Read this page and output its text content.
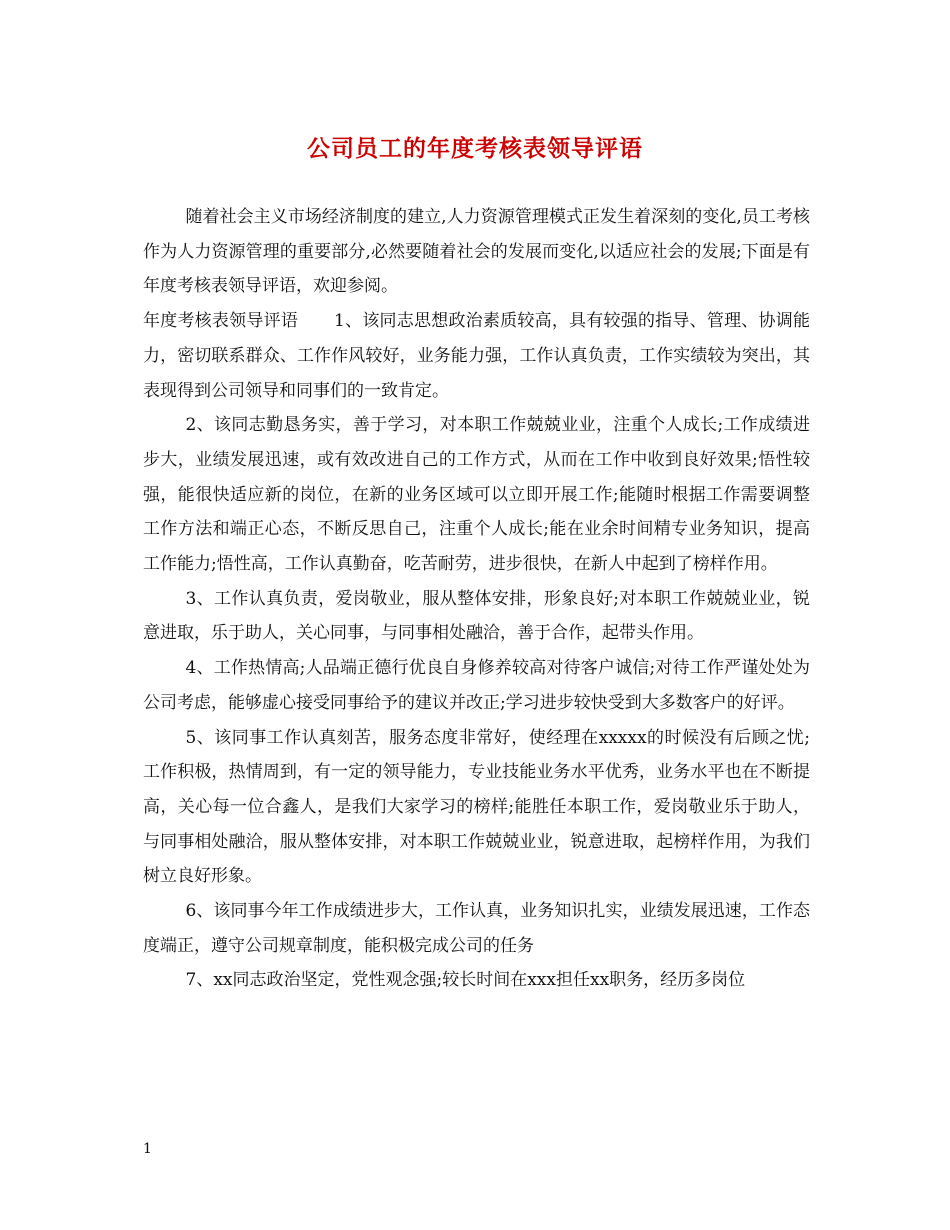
公司员工的年度考核表领导评语

随着社会主义市场经济制度的建立,人力资源管理模式正发生着深刻的变化,员工考核作为人力资源管理的重要部分,必然要随着社会的发展而变化,以适应社会的发展;下面是有年度考核表领导评语，欢迎参阅。

年度考核表领导评语 1、该同志思想政治素质较高，具有较强的指导、管理、协调能力，密切联系群众、工作作风较好，业务能力强，工作认真负责，工作实绩较为突出，其表现得到公司领导和同事们的一致肯定。

2、该同志勤恳务实，善于学习，对本职工作兢兢业业，注重个人成长;工作成绩进步大，业绩发展迅速，或有效改进自己的工作方式，从而在工作中收到良好效果;悟性较强，能很快适应新的岗位，在新的业务区域可以立即开展工作;能随时根据工作需要调整工作方法和端正心态，不断反思自己，注重个人成长;能在业余时间精专业务知识，提高工作能力;悟性高，工作认真勤奋，吃苦耐劳，进步很快，在新人中起到了榜样作用。

3、工作认真负责，爱岗敬业，服从整体安排，形象良好;对本职工作兢兢业业，锐意进取，乐于助人，关心同事，与同事相处融洽，善于合作，起带头作用。

4、工作热情高;人品端正德行优良自身修养较高对待客户诚信;对待工作严谨处处为公司考虑，能够虚心接受同事给予的建议并改正;学习进步较快受到大多数客户的好评。

5、该同事工作认真刻苦，服务态度非常好，使经理在xxxxx的时候没有后顾之忧;工作积极，热情周到，有一定的领导能力，专业技能业务水平优秀，业务水平也在不断提高，关心每一位合鑫人，是我们大家学习的榜样;能胜任本职工作，爱岗敬业乐于助人，与同事相处融洽，服从整体安排，对本职工作兢兢业业，锐意进取，起榜样作用，为我们树立良好形象。

6、该同事今年工作成绩进步大，工作认真，业务知识扎实，业绩发展迅速，工作态度端正，遵守公司规章制度，能积极完成公司的任务

7、xx同志政治坚定，党性观念强;较长时间在xxx担任xx职务，经历多岗位

1
